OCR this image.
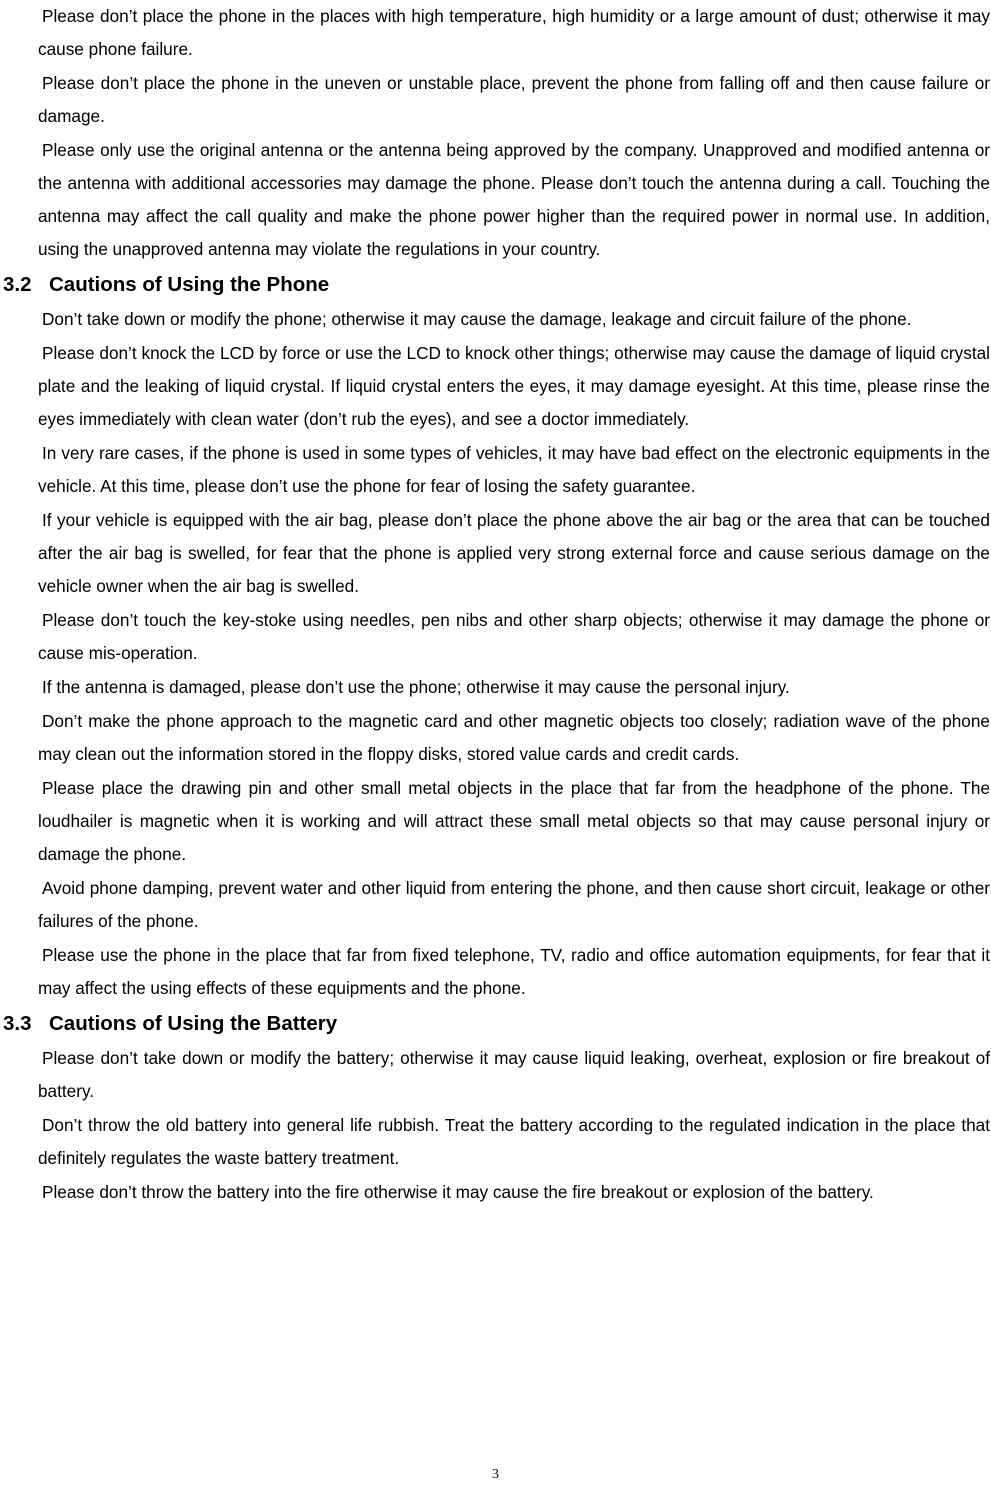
Please don’t place the phone in the places with high temperature, high humidity or a large amount of dust; otherwise it may cause phone failure.

Please don’t place the phone in the uneven or unstable place, prevent the phone from falling off and then cause failure or damage.

Please only use the original antenna or the antenna being approved by the company. Unapproved and modified antenna or the antenna with additional accessories may damage the phone. Please don’t touch the antenna during a call. Touching the antenna may affect the call quality and make the phone power higher than the required power in normal use. In addition, using the unapproved antenna may violate the regulations in your country.

3.2 Cautions of Using the Phone

Don’t take down or modify the phone; otherwise it may cause the damage, leakage and circuit failure of the phone.

Please don’t knock the LCD by force or use the LCD to knock other things; otherwise may cause the damage of liquid crystal plate and the leaking of liquid crystal. If liquid crystal enters the eyes, it may damage eyesight. At this time, please rinse the eyes immediately with clean water (don’t rub the eyes), and see a doctor immediately.

In very rare cases, if the phone is used in some types of vehicles, it may have bad effect on the electronic equipments in the vehicle. At this time, please don’t use the phone for fear of losing the safety guarantee.

If your vehicle is equipped with the air bag, please don’t place the phone above the air bag or the area that can be touched after the air bag is swelled, for fear that the phone is applied very strong external force and cause serious damage on the vehicle owner when the air bag is swelled.

Please don’t touch the key-stoke using needles, pen nibs and other sharp objects; otherwise it may damage the phone or cause mis-operation.

If the antenna is damaged, please don’t use the phone; otherwise it may cause the personal injury.

Don’t make the phone approach to the magnetic card and other magnetic objects too closely; radiation wave of the phone may clean out the information stored in the floppy disks, stored value cards and credit cards.

Please place the drawing pin and other small metal objects in the place that far from the headphone of the phone. The loudhailer is magnetic when it is working and will attract these small metal objects so that may cause personal injury or damage the phone.

Avoid phone damping, prevent water and other liquid from entering the phone, and then cause short circuit, leakage or other failures of the phone.

Please use the phone in the place that far from fixed telephone, TV, radio and office automation equipments, for fear that it may affect the using effects of these equipments and the phone.

3.3 Cautions of Using the Battery

Please don’t take down or modify the battery; otherwise it may cause liquid leaking, overheat, explosion or fire breakout of battery.

Don’t throw the old battery into general life rubbish. Treat the battery according to the regulated indication in the place that definitely regulates the waste battery treatment.

Please don’t throw the battery into the fire otherwise it may cause the fire breakout or explosion of the battery.

3
